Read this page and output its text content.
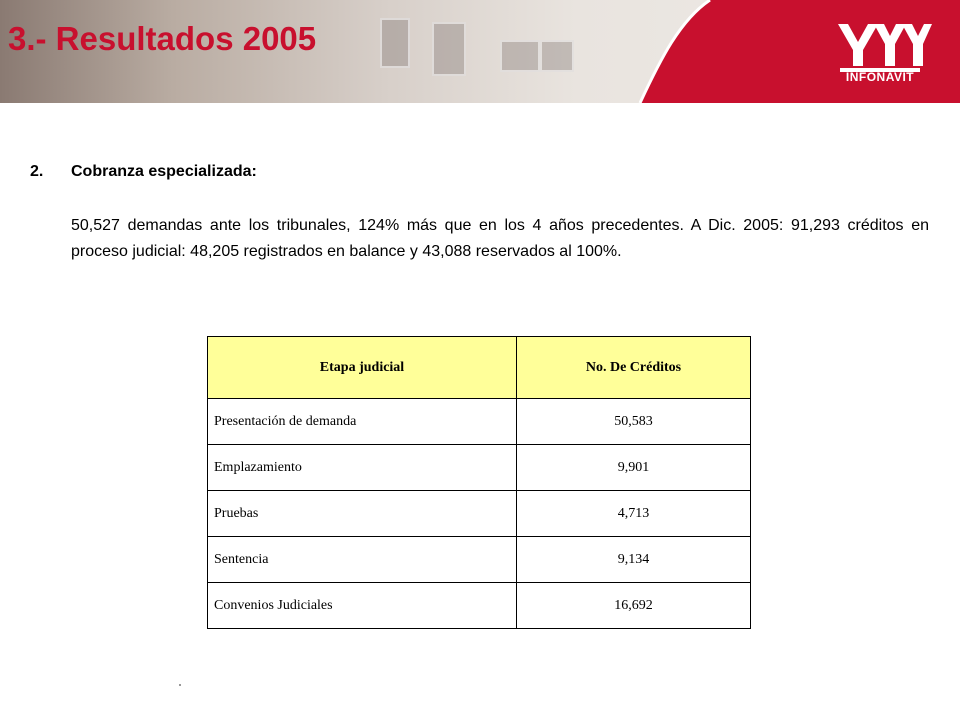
3.- Resultados 2005
INFONAVIT
2. Cobranza especializada:
50,527 demandas ante los tribunales, 124% más que en los 4 años precedentes. A Dic. 2005: 91,293 créditos en proceso judicial: 48,205 registrados en balance y 43,088 reservados al 100%.
Etapa judicial	No. De Créditos
Presentación de demanda	50,583
Emplazamiento	9,901
Pruebas	4,713
Sentencia	9,134
Convenios Judiciales	16,692
